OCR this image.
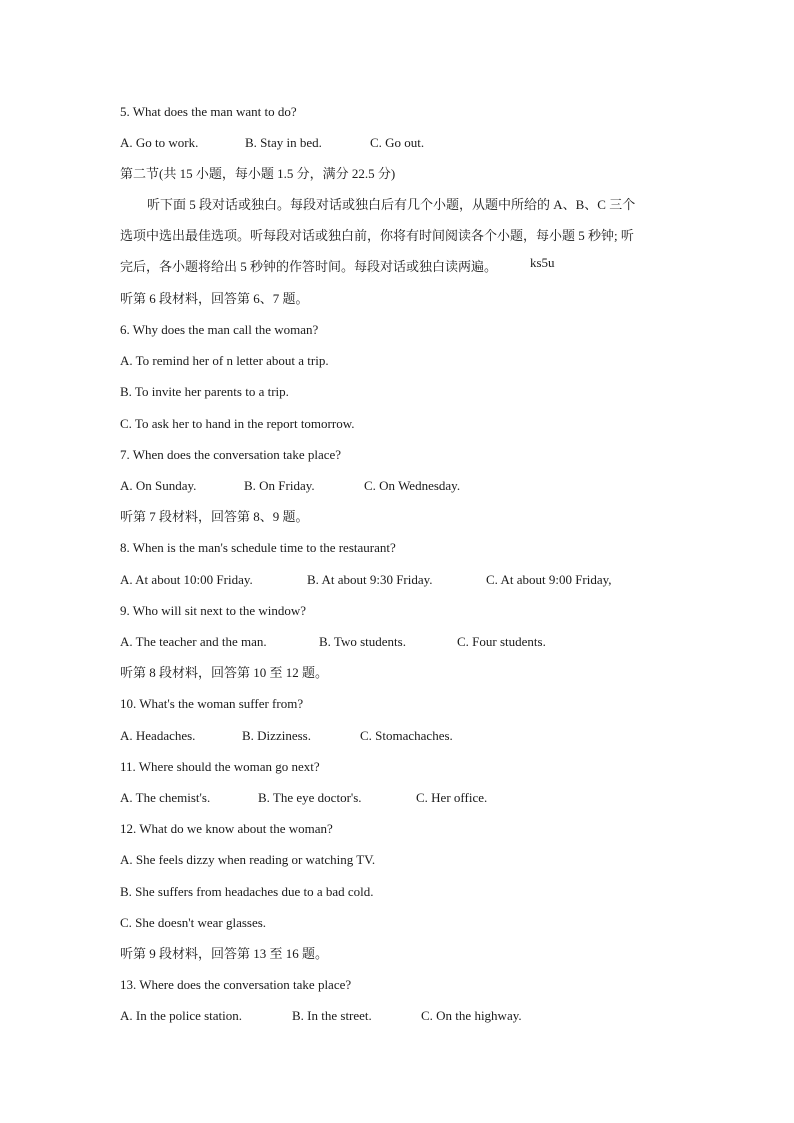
5. What does the man want to do?
A. Go to work.	B. Stay in bed.	C. Go out.
第二节(共 15 小题，每小题 1.5 分，满分 22.5 分)
听下面 5 段对话或独白。每段对话或独白后有几个小题，从题中所给的 A、B、C 三个
选项中选出最佳选项。听每段对话或独白前，你将有时间阅读各个小题，每小题 5 秒钟; 听
完后，各小题将给出 5 秒钟的作答时间。每段对话或独白读两遍。	ks5u
听第 6 段材料，回答第 6、7 题。
6. Why does the man call the woman?
A. To remind her of n letter about a trip.
B. To invite her parents to a trip.
C. To ask her to hand in the report tomorrow.
7. When does the conversation take place?
A. On Sunday.	B. On Friday.	C. On Wednesday.
听第 7 段材料，回答第 8、9 题。
8. When is the man's schedule time to the restaurant?
A. At about 10:00 Friday.	B. At about 9:30 Friday.	C. At about 9:00 Friday,
9. Who will sit next to the window?
A. The teacher and the man.	B. Two students.	C. Four students.
听第 8 段材料，回答第 10 至 12 题。
10. What's the woman suffer from?
A. Headaches.	B. Dizziness.	C. Stomachaches.
11. Where should the woman go next?
A. The chemist's.	B. The eye doctor's.	C. Her office.
12. What do we know about the woman?
A. She feels dizzy when reading or watching TV.
B. She suffers from headaches due to a bad cold.
C. She doesn't wear glasses.
听第 9 段材料，回答第 13 至 16 题。
13. Where does the conversation take place?
A. In the police station.	B. In the street.	C. On the highway.
